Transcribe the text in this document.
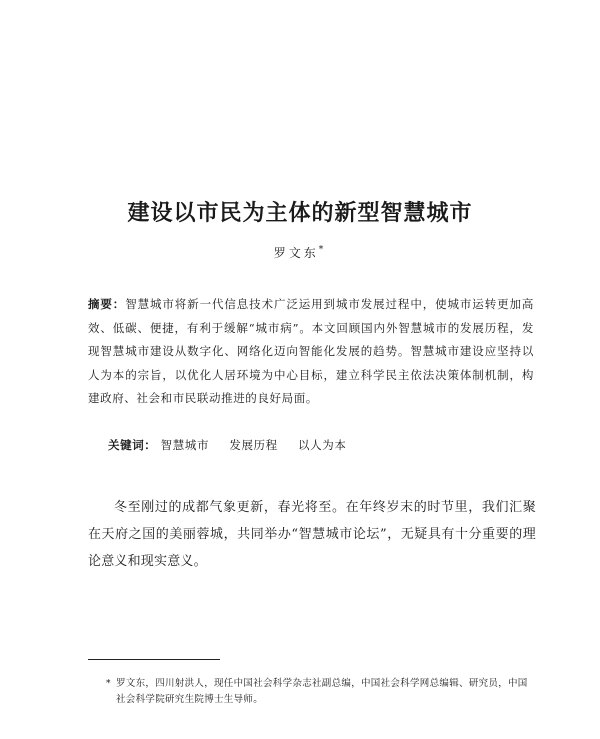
建设以市民为主体的新型智慧城市
罗文东*
摘要：智慧城市将新一代信息技术广泛运用到城市发展过程中，使城市运转更加高效、低碳、便捷，有利于缓解“城市病”。本文回顾国内外智慧城市的发展历程，发现智慧城市建设从数字化、网络化迈向智能化发展的趋势。智慧城市建设应坚持以人为本的宗旨，以优化人居环境为中心目标，建立科学民主依法决策体制机制，构建政府、社会和市民联动推进的良好局面。
关键词： 智慧城市 发展历程 以人为本
冬至刚过的成都气象更新，春光将至。在年终岁末的时节里，我们汇聚在天府之国的美丽蓉城，共同举办“智慧城市论坛”，无疑具有十分重要的理论意义和现实意义。
* 罗文东，四川射洪人，现任中国社会科学杂志社副总编，中国社会科学网总编辑、研究员，中国社会科学院研究生院博士生导师。
